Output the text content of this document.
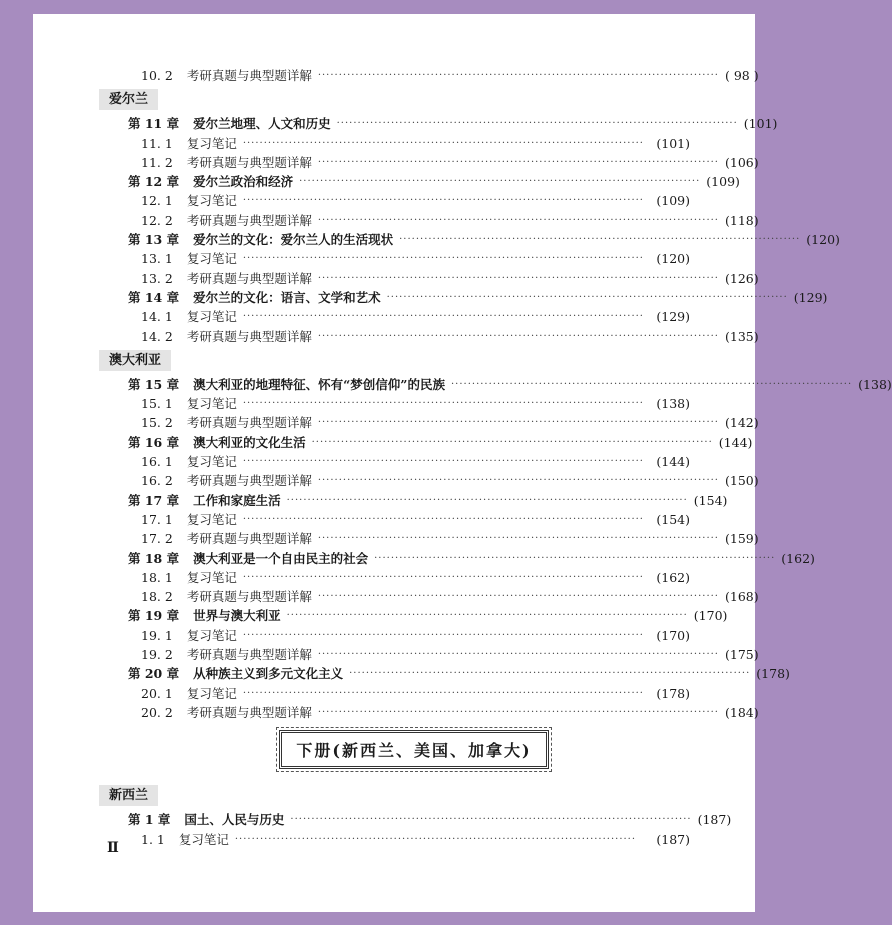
10. 2 考研真题与典型题详解 ································································································ ( 98 )
爱尔兰
第 11 章 爱尔兰地理、人文和历史 ································································································ (101)
11. 1 复习笔记 ································································································ (101)
11. 2 考研真题与典型题详解 ································································································ (106)
第 12 章 爱尔兰政治和经济 ································································································ (109)
12. 1 复习笔记 ································································································ (109)
12. 2 考研真题与典型题详解 ································································································ (118)
第 13 章 爱尔兰的文化：爱尔兰人的生活现状 ································································································ (120)
13. 1 复习笔记 ································································································ (120)
13. 2 考研真题与典型题详解 ································································································ (126)
第 14 章 爱尔兰的文化：语言、文学和艺术 ································································································ (129)
14. 1 复习笔记 ································································································ (129)
14. 2 考研真题与典型题详解 ································································································ (135)
澳大利亚
第 15 章 澳大利亚的地理特征、怀有“梦创信仰”的民族 ································································································ (138)
15. 1 复习笔记 ································································································ (138)
15. 2 考研真题与典型题详解 ································································································ (142)
第 16 章 澳大利亚的文化生活 ································································································ (144)
16. 1 复习笔记 ································································································ (144)
16. 2 考研真题与典型题详解 ································································································ (150)
第 17 章 工作和家庭生活 ································································································ (154)
17. 1 复习笔记 ································································································ (154)
17. 2 考研真题与典型题详解 ································································································ (159)
第 18 章 澳大利亚是一个自由民主的社会 ································································································ (162)
18. 1 复习笔记 ································································································ (162)
18. 2 考研真题与典型题详解 ································································································ (168)
第 19 章 世界与澳大利亚 ································································································ (170)
19. 1 复习笔记 ································································································ (170)
19. 2 考研真题与典型题详解 ································································································ (175)
第 20 章 从种族主义到多元文化主义 ································································································ (178)
20. 1 复习笔记 ································································································ (178)
20. 2 考研真题与典型题详解 ································································································ (184)
下册(新西兰、美国、加拿大)
新西兰
第 1 章 国土、人民与历史 ································································································ (187)
1. 1 复习笔记 ································································································	(187)
Ⅱ
